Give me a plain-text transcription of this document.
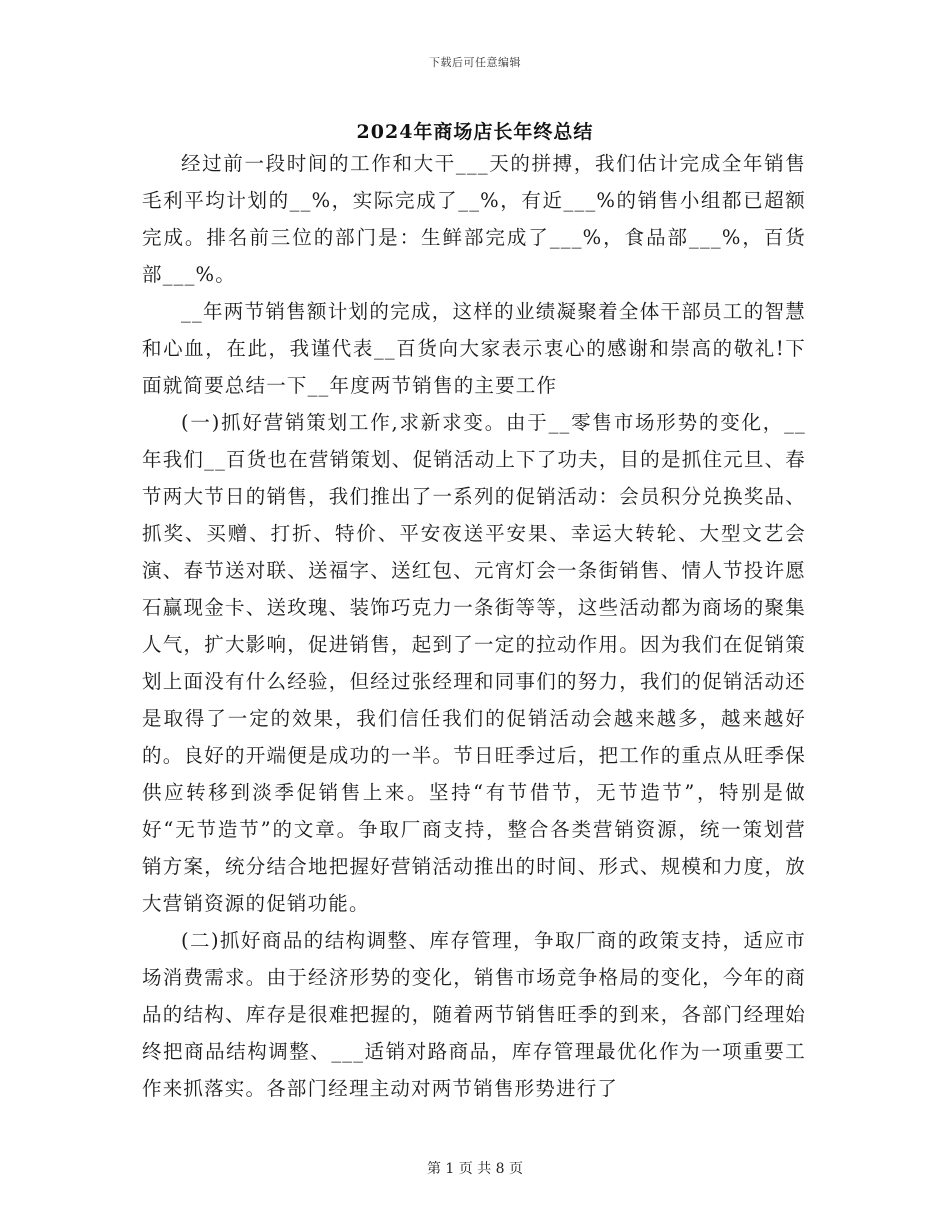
下载后可任意编辑
2024年商场店长年终总结

经过前一段时间的工作和大干___天的拼搏，我们估计完成全年销售毛利平均计划的__%，实际完成了__%，有近___%的销售小组都已超额完成。排名前三位的部门是：生鲜部完成了___%，食品部___%，百货部___%。

__年两节销售额计划的完成，这样的业绩凝聚着全体干部员工的智慧和心血，在此，我谨代表__百货向大家表示衷心的感谢和崇高的敬礼!下面就简要总结一下__年度两节销售的主要工作

(一)抓好营销策划工作,求新求变。由于__零售市场形势的变化，__年我们__百货也在营销策划、促销活动上下了功夫，目的是抓住元旦、春节两大节日的销售，我们推出了一系列的促销活动：会员积分兑换奖品、抓奖、买赠、打折、特价、平安夜送平安果、幸运大转轮、大型文艺会演、春节送对联、送福字、送红包、元宵灯会一条街销售、情人节投许愿石赢现金卡、送玫瑰、装饰巧克力一条街等等，这些活动都为商场的聚集人气，扩大影响，促进销售，起到了一定的拉动作用。因为我们在促销策划上面没有什么经验，但经过张经理和同事们的努力，我们的促销活动还是取得了一定的效果，我们信任我们的促销活动会越来越多，越来越好的。良好的开端便是成功的一半。节日旺季过后，把工作的重点从旺季保供应转移到淡季促销售上来。坚持“有节借节，无节造节”，特别是做好“无节造节”的文章。争取厂商支持，整合各类营销资源，统一策划营销方案，统分结合地把握好营销活动推出的时间、形式、规模和力度，放大营销资源的促销功能。

(二)抓好商品的结构调整、库存管理，争取厂商的政策支持，适应市场消费需求。由于经济形势的变化，销售市场竞争格局的变化，今年的商品的结构、库存是很难把握的，随着两节销售旺季的到来，各部门经理始终把商品结构调整、___适销对路商品，库存管理最优化作为一项重要工作来抓落实。各部门经理主动对两节销售形势进行了

第 1 页 共 8 页
